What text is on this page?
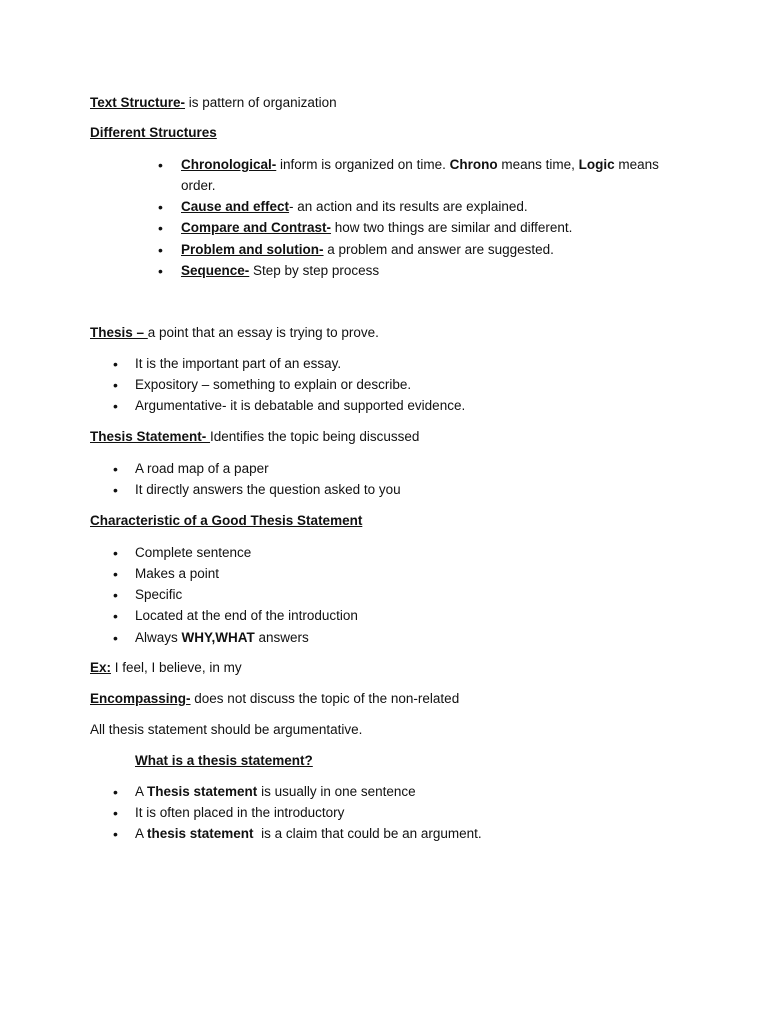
Text Structure- is pattern of organization
Different Structures
• Chronological- inform is organized on time. Chrono means time, Logic means
order.
• Cause and effect- an action and its results are explained.
• Compare and Contrast- how two things are similar and different.
• Problem and solution- a problem and answer are suggested.
• Sequence- Step by step process
Thesis – a point that an essay is trying to prove.
• It is the important part of an essay.
• Expository – something to explain or describe.
• Argumentative- it is debatable and supported evidence.
Thesis Statement- Identifies the topic being discussed
• A road map of a paper
• It directly answers the question asked to you
Characteristic of a Good Thesis Statement
• Complete sentence
• Makes a point
• Specific
• Located at the end of the introduction
• Always WHY,WHAT answers
Ex: I feel, I believe, in my
Encompassing- does not discuss the topic of the non-related
All thesis statement should be argumentative.
What is a thesis statement?
• A Thesis statement is usually in one sentence
• It is often placed in the introductory
• A thesis statement  is a claim that could be an argument.
